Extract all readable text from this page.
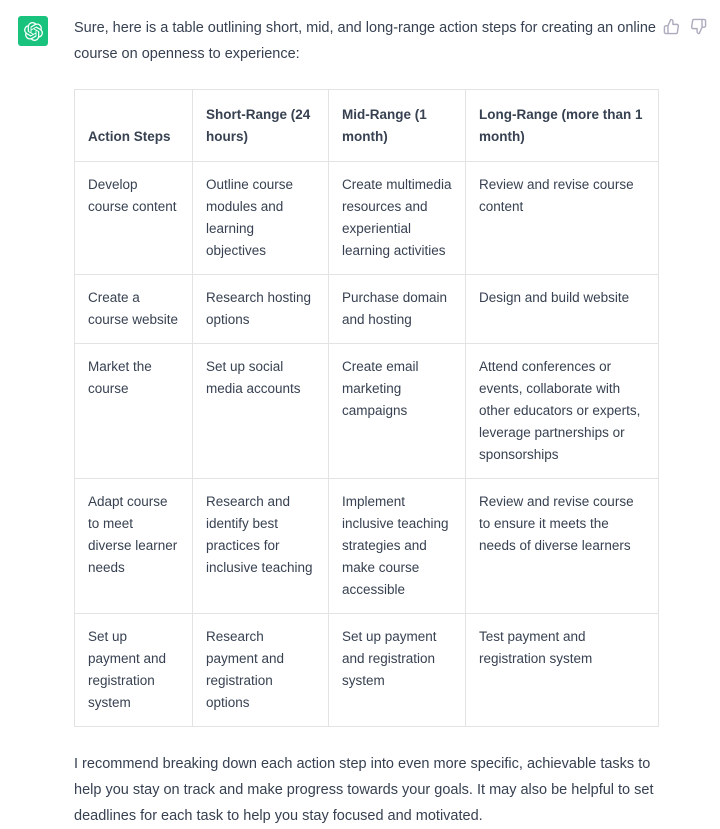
Sure, here is a table outlining short, mid, and long-range action steps for creating an online course on openness to experience:

Action Steps	Short-Range (24 hours)	Mid-Range (1 month)	Long-Range (more than 1 month)
Develop course content	Outline course modules and learning objectives	Create multimedia resources and experiential learning activities	Review and revise course content
Create a course website	Research hosting options	Purchase domain and hosting	Design and build website
Market the course	Set up social media accounts	Create email marketing campaigns	Attend conferences or events, collaborate with other educators or experts, leverage partnerships or sponsorships
Adapt course to meet diverse learner needs	Research and identify best practices for inclusive teaching	Implement inclusive teaching strategies and make course accessible	Review and revise course to ensure it meets the needs of diverse learners
Set up payment and registration system	Research payment and registration options	Set up payment and registration system	Test payment and registration system

I recommend breaking down each action step into even more specific, achievable tasks to help you stay on track and make progress towards your goals. It may also be helpful to set deadlines for each task to help you stay focused and motivated.
